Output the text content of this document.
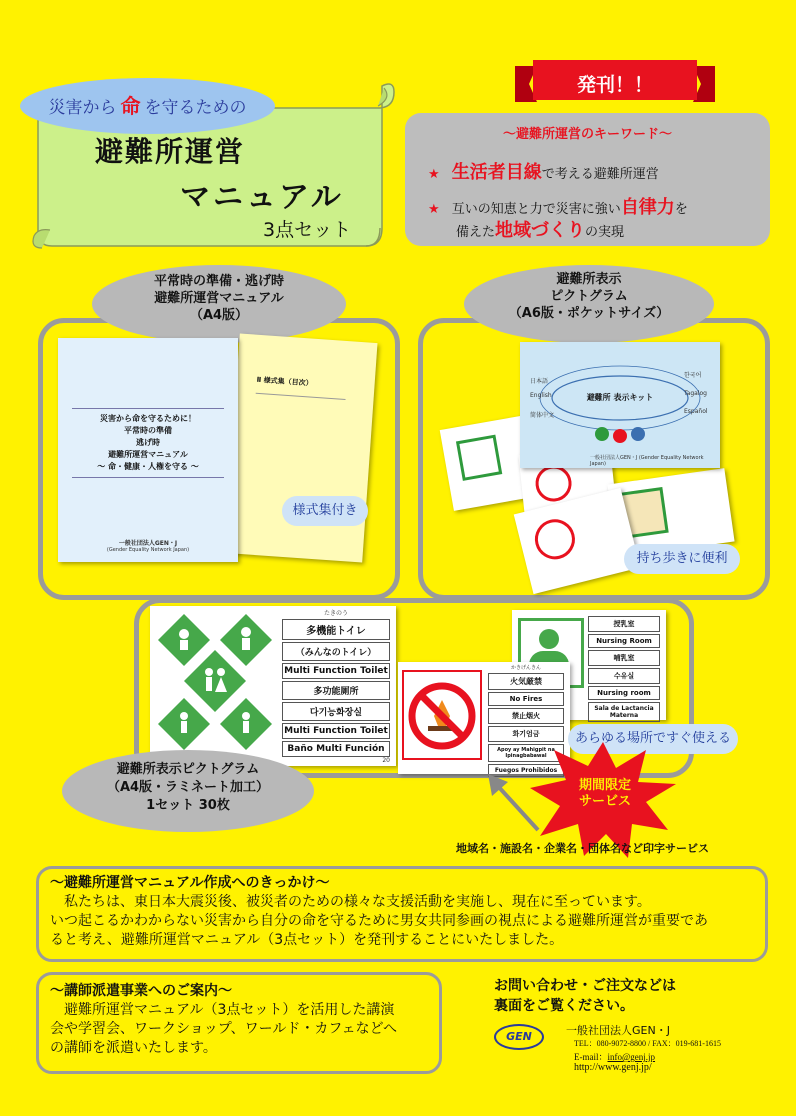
災害から 命 を守るための
避難所運営
マニュアル
3点セット
発刊！！
～避難所運営のキーワード～
★ 生活者目線で考える避難所運営
★ 互いの知恵と力で災害に強い自律力を
備えた地域づくりの実現
平常時の準備・逃げ時
避難所運営マニュアル
（A4版）
Ⅱ 様式集（目次）
災害から命を守るために！
平常時の準備
逃げ時
避難所運営マニュアル
～ 命・健康・人権を守る ～
一般社団法人GEN・J
(Gender Equality Network Japan)
様式集付き
避難所表示
ピクトグラム
（A6版・ポケットサイズ）
避難所 表示キット
日本語
English
한국어
Tagalog
Español
简体中文
一般社団法人GEN・J (Gender Equality Network Japan)
持ち歩きに便利
たきのう
多機能トイレ
（みんなのトイレ）
Multi Function Toilet
多功能厕所
다기능화장실
Multi Function Toilet
Baño Multi Función
20
授乳室
Nursing Room
哺乳室
수유실
Nursing room
Sala de Lactancia Materna
かきげんきん
火気厳禁
No Fires
禁止烟火
화기엄금
Apoy ay Mahigpit na Ipinagbabawal
Fuegos Prohibidos
あらゆる場所ですぐ使える
期間限定
サービス
地域名・施設名・企業名・団体名など印字サービス
避難所表示ピクトグラム
（A4版・ラミネート加工）
1セット 30枚
～避難所運営マニュアル作成へのきっかけ～
私たちは、東日本大震災後、被災者のための様々な支援活動を実施し、現在に至っています。
いつ起こるかわからない災害から自分の命を守るために男女共同参画の視点による避難所運営が重要であ
ると考え、避難所運営マニュアル（3点セット）を発刊することにいたしました。
～講師派遣事業へのご案内～
避難所運営マニュアル（3点セット）を活用した講演
会や学習会、ワークショップ、ワールド・カフェなどへ
の講師を派遣いたします。
お問い合わせ・ご注文などは
裏面をご覧ください。
GEN	一般社団法人GEN・J
TEL：080-9072-8800 / FAX：019-681-1615
E-mail：info@genj.jp
http://www.genj.jp/
